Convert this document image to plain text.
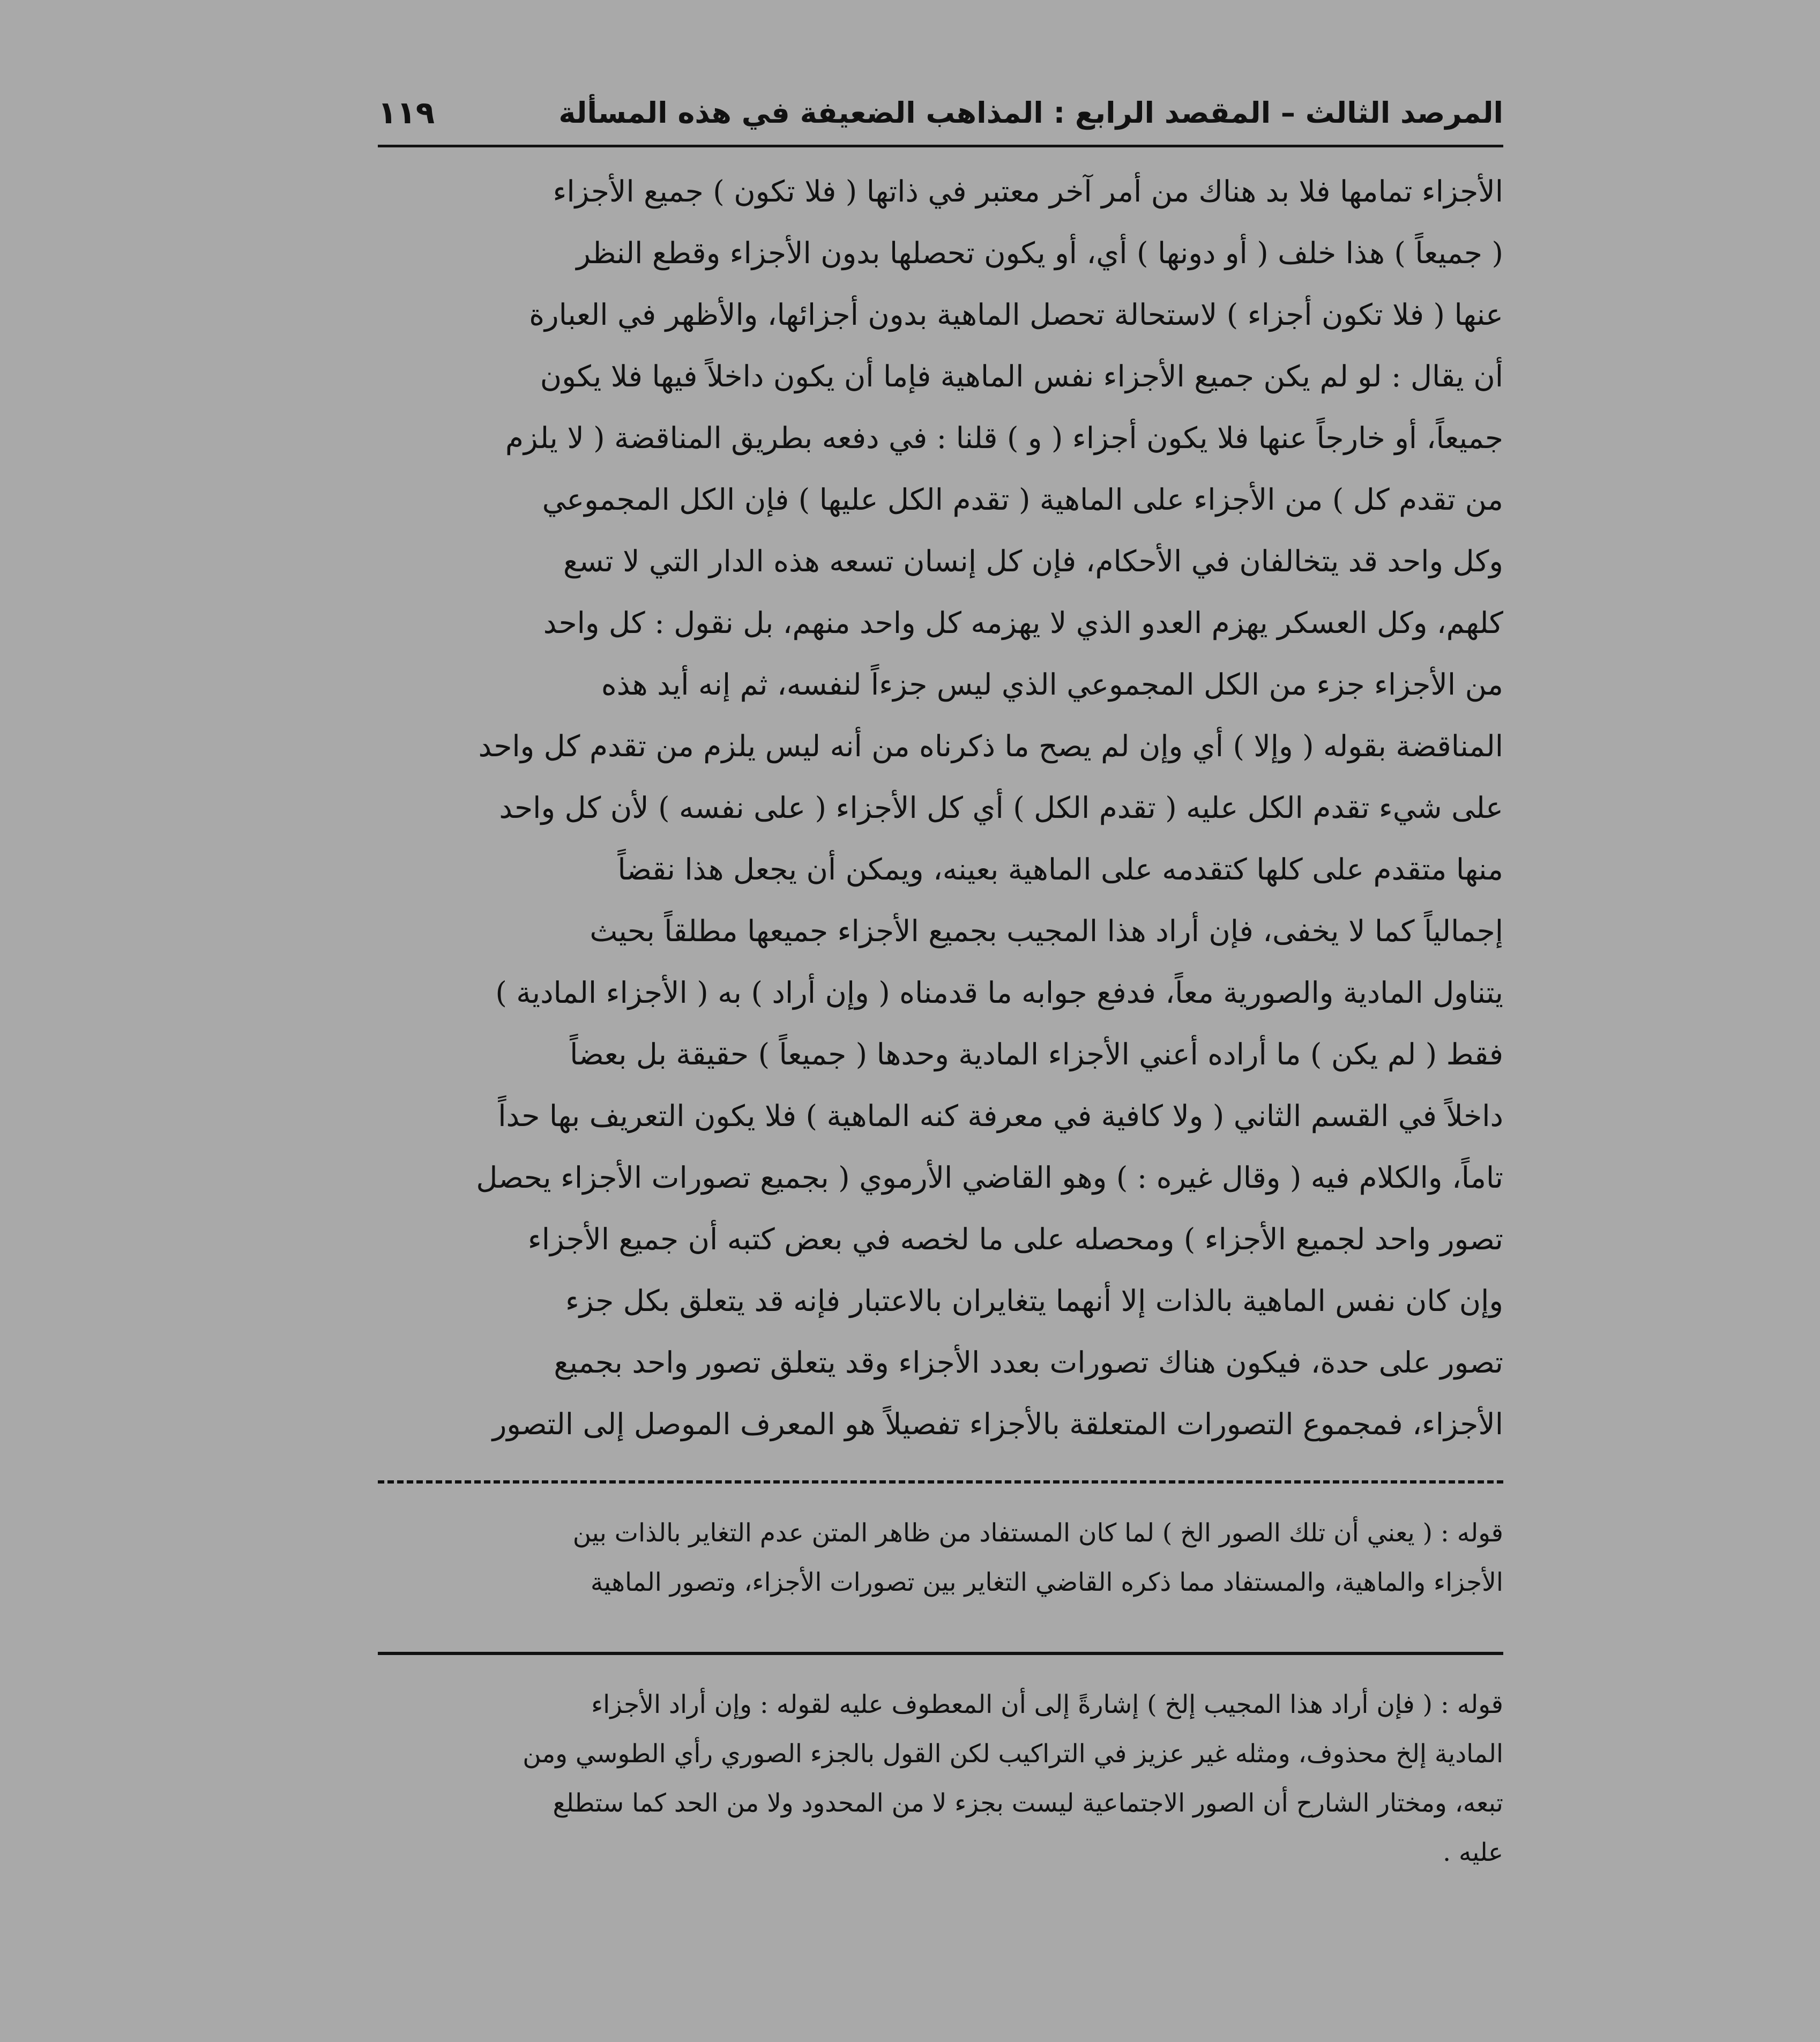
المرصد الثالث – المقصد الرابع : المذاهب الضعيفة في هذه المسألة
١١٩
الأجزاء تمامها فلا بد هناك من أمر آخر معتبر في ذاتها ( فلا تكون ) جميع الأجزاء
( جميعاً ) هذا خلف ( أو دونها ) أي، أو يكون تحصلها بدون الأجزاء وقطع النظر
عنها ( فلا تكون أجزاء ) لاستحالة تحصل الماهية بدون أجزائها، والأظهر في العبارة
أن يقال : لو لم يكن جميع الأجزاء نفس الماهية فإما أن يكون داخلاً فيها فلا يكون
جميعاً، أو خارجاً عنها فلا يكون أجزاء ( و ) قلنا : في دفعه بطريق المناقضة ( لا يلزم
من تقدم كل ) من الأجزاء على الماهية ( تقدم الكل عليها ) فإن الكل المجموعي
وكل واحد قد يتخالفان في الأحكام، فإن كل إنسان تسعه هذه الدار التي لا تسع
كلهم، وكل العسكر يهزم العدو الذي لا يهزمه كل واحد منهم، بل نقول : كل واحد
من الأجزاء جزء من الكل المجموعي الذي ليس جزءاً لنفسه، ثم إنه أيد هذه
المناقضة بقوله ( وإلا ) أي وإن لم يصح ما ذكرناه من أنه ليس يلزم من تقدم كل واحد
على شيء تقدم الكل عليه ( تقدم الكل ) أي كل الأجزاء ( على نفسه ) لأن كل واحد
منها متقدم على كلها كتقدمه على الماهية بعينه، ويمكن أن يجعل هذا نقضاً
إجمالياً كما لا يخفى، فإن أراد هذا المجيب بجميع الأجزاء جميعها مطلقاً بحيث
يتناول المادية والصورية معاً، فدفع جوابه ما قدمناه ( وإن أراد ) به ( الأجزاء المادية )
فقط ( لم يكن ) ما أراده أعني الأجزاء المادية وحدها ( جميعاً ) حقيقة بل بعضاً
داخلاً في القسم الثاني ( ولا كافية في معرفة كنه الماهية ) فلا يكون التعريف بها حداً
تاماً، والكلام فيه ( وقال غيره : ) وهو القاضي الأرموي ( بجميع تصورات الأجزاء يحصل
تصور واحد لجميع الأجزاء ) ومحصله على ما لخصه في بعض كتبه أن جميع الأجزاء
وإن كان نفس الماهية بالذات إلا أنهما يتغايران بالاعتبار فإنه قد يتعلق بكل جزء
تصور على حدة، فيكون هناك تصورات بعدد الأجزاء وقد يتعلق تصور واحد بجميع
الأجزاء، فمجموع التصورات المتعلقة بالأجزاء تفصيلاً هو المعرف الموصل إلى التصور
قوله : ( يعني أن تلك الصور الخ ) لما كان المستفاد من ظاهر المتن عدم التغاير بالذات بين
الأجزاء والماهية، والمستفاد مما ذكره القاضي التغاير بين تصورات الأجزاء، وتصور الماهية
قوله : ( فإن أراد هذا المجيب إلخ ) إشارةً إلى أن المعطوف عليه لقوله : وإن أراد الأجزاء
المادية إلخ محذوف، ومثله غير عزيز في التراكيب لكن القول بالجزء الصوري رأي الطوسي ومن
تبعه، ومختار الشارح أن الصور الاجتماعية ليست بجزء لا من المحدود ولا من الحد كما ستطلع
عليه .
